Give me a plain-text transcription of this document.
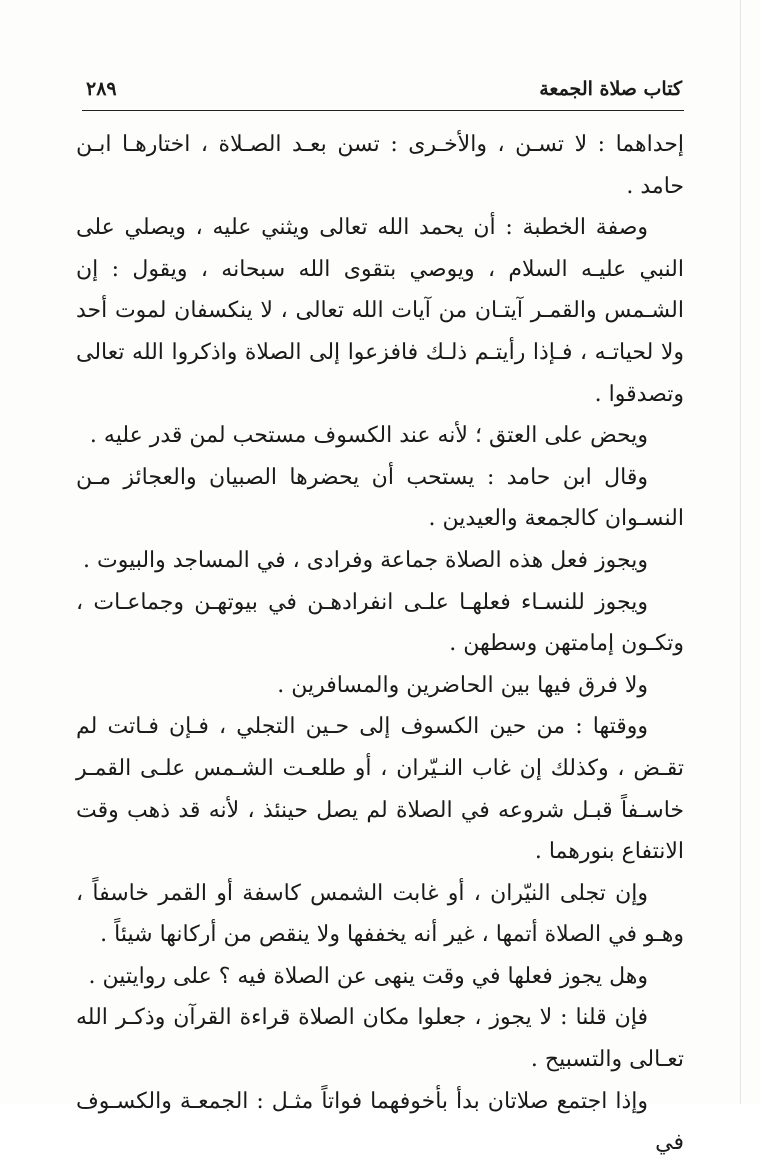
كتاب صلاة الجمعة
٢٨٩

إحداهما : لا تسـن ، والأخـرى : تسن بعـد الصـلاة ، اختارهـا ابـن حامد .

وصفة الخطبة : أن يحمد الله تعالى ويثني عليه ، ويصلي على النبي عليـه السلام ، ويوصي بتقوى الله سبحانه ، ويقول : إن الشـمس والقمـر آيتـان من آيات الله تعالى ، لا ينكسفان لموت أحد ولا لحياتـه ، فـإذا رأيتـم ذلـك فافزعوا إلى الصلاة واذكروا الله تعالى وتصدقوا .

ويحض على العتق ؛ لأنه عند الكسوف مستحب لمن قدر عليه .

وقال ابن حامد : يستحب أن يحضرها الصبيان والعجائز مـن النسـوان كالجمعة والعيدين .

ويجوز فعل هذه الصلاة جماعة وفرادى ، في المساجد والبيوت .

ويجوز للنسـاء فعلهـا علـى انفرادهـن في بيوتهـن وجماعـات ، وتكـون إمامتهن وسطهن .

ولا فرق فيها بين الحاضرين والمسافرين .

ووقتها : من حين الكسوف إلى حـين التجلي ، فـإن فـاتت لم تقـض ، وكذلك إن غاب النـيّران ، أو طلعـت الشـمس علـى القمـر خاسـفاً قبـل شروعه في الصلاة لم يصل حينئذ ، لأنه قد ذهب وقت الانتفاع بنورهما .

وإن تجلى النيّران ، أو غابت الشمس كاسفة أو القمر خاسفاً ، وهـو في الصلاة أتمها ، غير أنه يخففها ولا ينقص من أركانها شيئاً .

وهل يجوز فعلها في وقت ينهى عن الصلاة فيه ؟ على روايتين .

فإن قلنا : لا يجوز ، جعلوا مكان الصلاة قراءة القرآن وذكـر الله تعـالى والتسبيح .

وإذا اجتمع صلاتان بدأ بأخوفهما فواتاً مثـل : الجمعـة والكسـوف في
